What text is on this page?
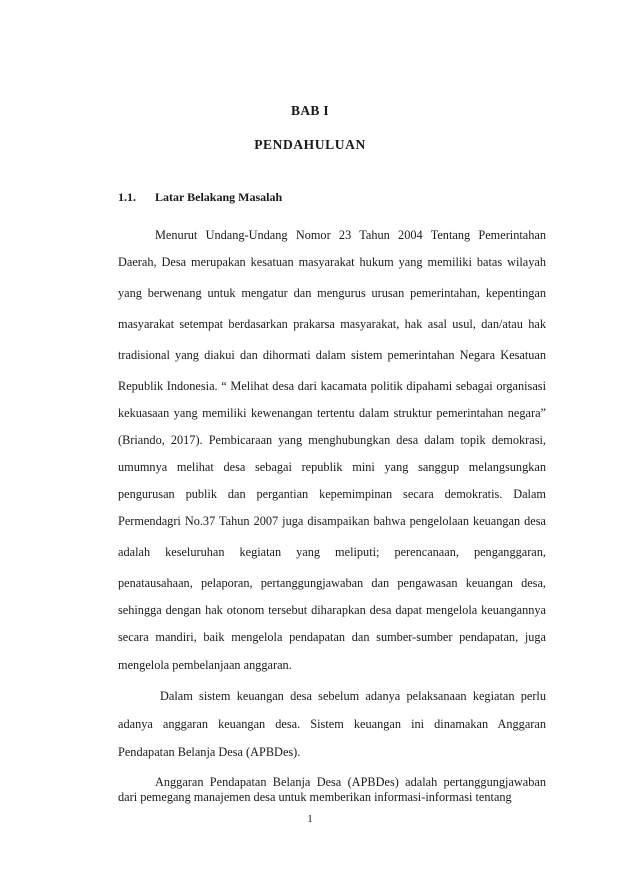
BAB I
PENDAHULUAN
1.1. Latar Belakang Masalah
Menurut Undang-Undang Nomor 23 Tahun 2004 Tentang Pemerintahan
Daerah, Desa merupakan kesatuan masyarakat hukum yang memiliki batas wilayah
yang berwenang untuk mengatur dan mengurus urusan pemerintahan, kepentingan
masyarakat setempat berdasarkan prakarsa masyarakat, hak asal usul, dan/atau hak
tradisional yang diakui dan dihormati dalam sistem pemerintahan Negara Kesatuan
Republik Indonesia. “ Melihat desa dari kacamata politik dipahami sebagai organisasi
kekuasaan yang memiliki kewenangan tertentu dalam struktur pemerintahan negara”
(Briando, 2017). Pembicaraan yang menghubungkan desa dalam topik demokrasi,
umumnya melihat desa sebagai republik mini yang sanggup melangsungkan
pengurusan publik dan pergantian kepemimpinan secara demokratis. Dalam
Permendagri No.37 Tahun 2007 juga disampaikan bahwa pengelolaan keuangan desa
adalah keseluruhan kegiatan yang meliputi; perencanaan, penganggaran,
penatausahaan, pelaporan, pertanggungjawaban dan pengawasan keuangan desa,
sehingga dengan hak otonom tersebut diharapkan desa dapat mengelola keuangannya
secara mandiri, baik mengelola pendapatan dan sumber-sumber pendapatan, juga
mengelola pembelanjaan anggaran.
Dalam sistem keuangan desa sebelum adanya pelaksanaan kegiatan perlu
adanya anggaran keuangan desa. Sistem keuangan ini dinamakan Anggaran
Pendapatan Belanja Desa (APBDes).
Anggaran Pendapatan Belanja Desa (APBDes) adalah pertanggungjawaban
dari pemegang manajemen desa untuk memberikan informasi-informasi tentang
1
